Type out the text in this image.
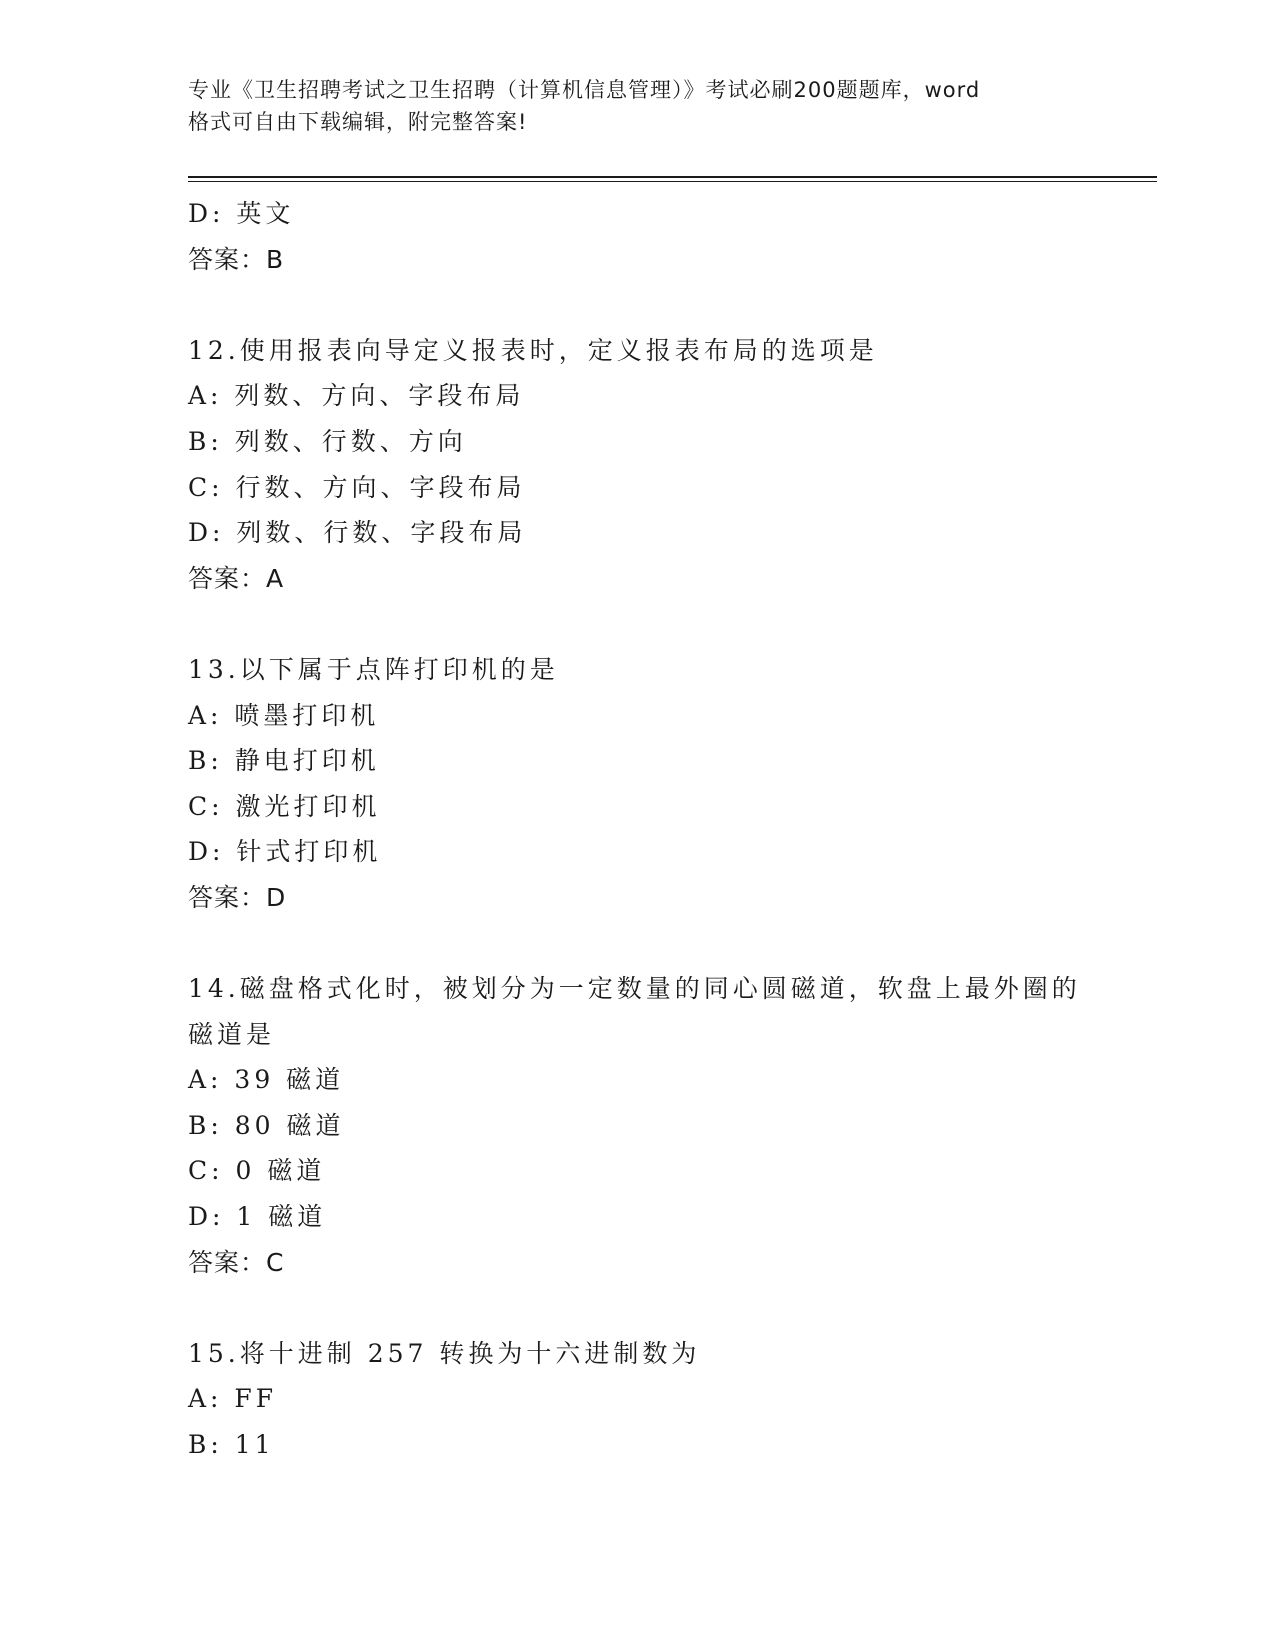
专业《卫生招聘考试之卫生招聘（计算机信息管理）》考试必刷200题题库，word
格式可自由下载编辑，附完整答案!
D: 英文
答案：B
12.使用报表向导定义报表时，定义报表布局的选项是
A: 列数、方向、字段布局
B: 列数、行数、方向
C: 行数、方向、字段布局
D: 列数、行数、字段布局
答案：A
13.以下属于点阵打印机的是
A: 喷墨打印机
B: 静电打印机
C: 激光打印机
D: 针式打印机
答案：D
14.磁盘格式化时，被划分为一定数量的同心圆磁道，软盘上最外圈的
磁道是
A: 39 磁道
B: 80 磁道
C: 0 磁道
D: 1 磁道
答案：C
15.将十进制 257 转换为十六进制数为
A: FF
B: 11
